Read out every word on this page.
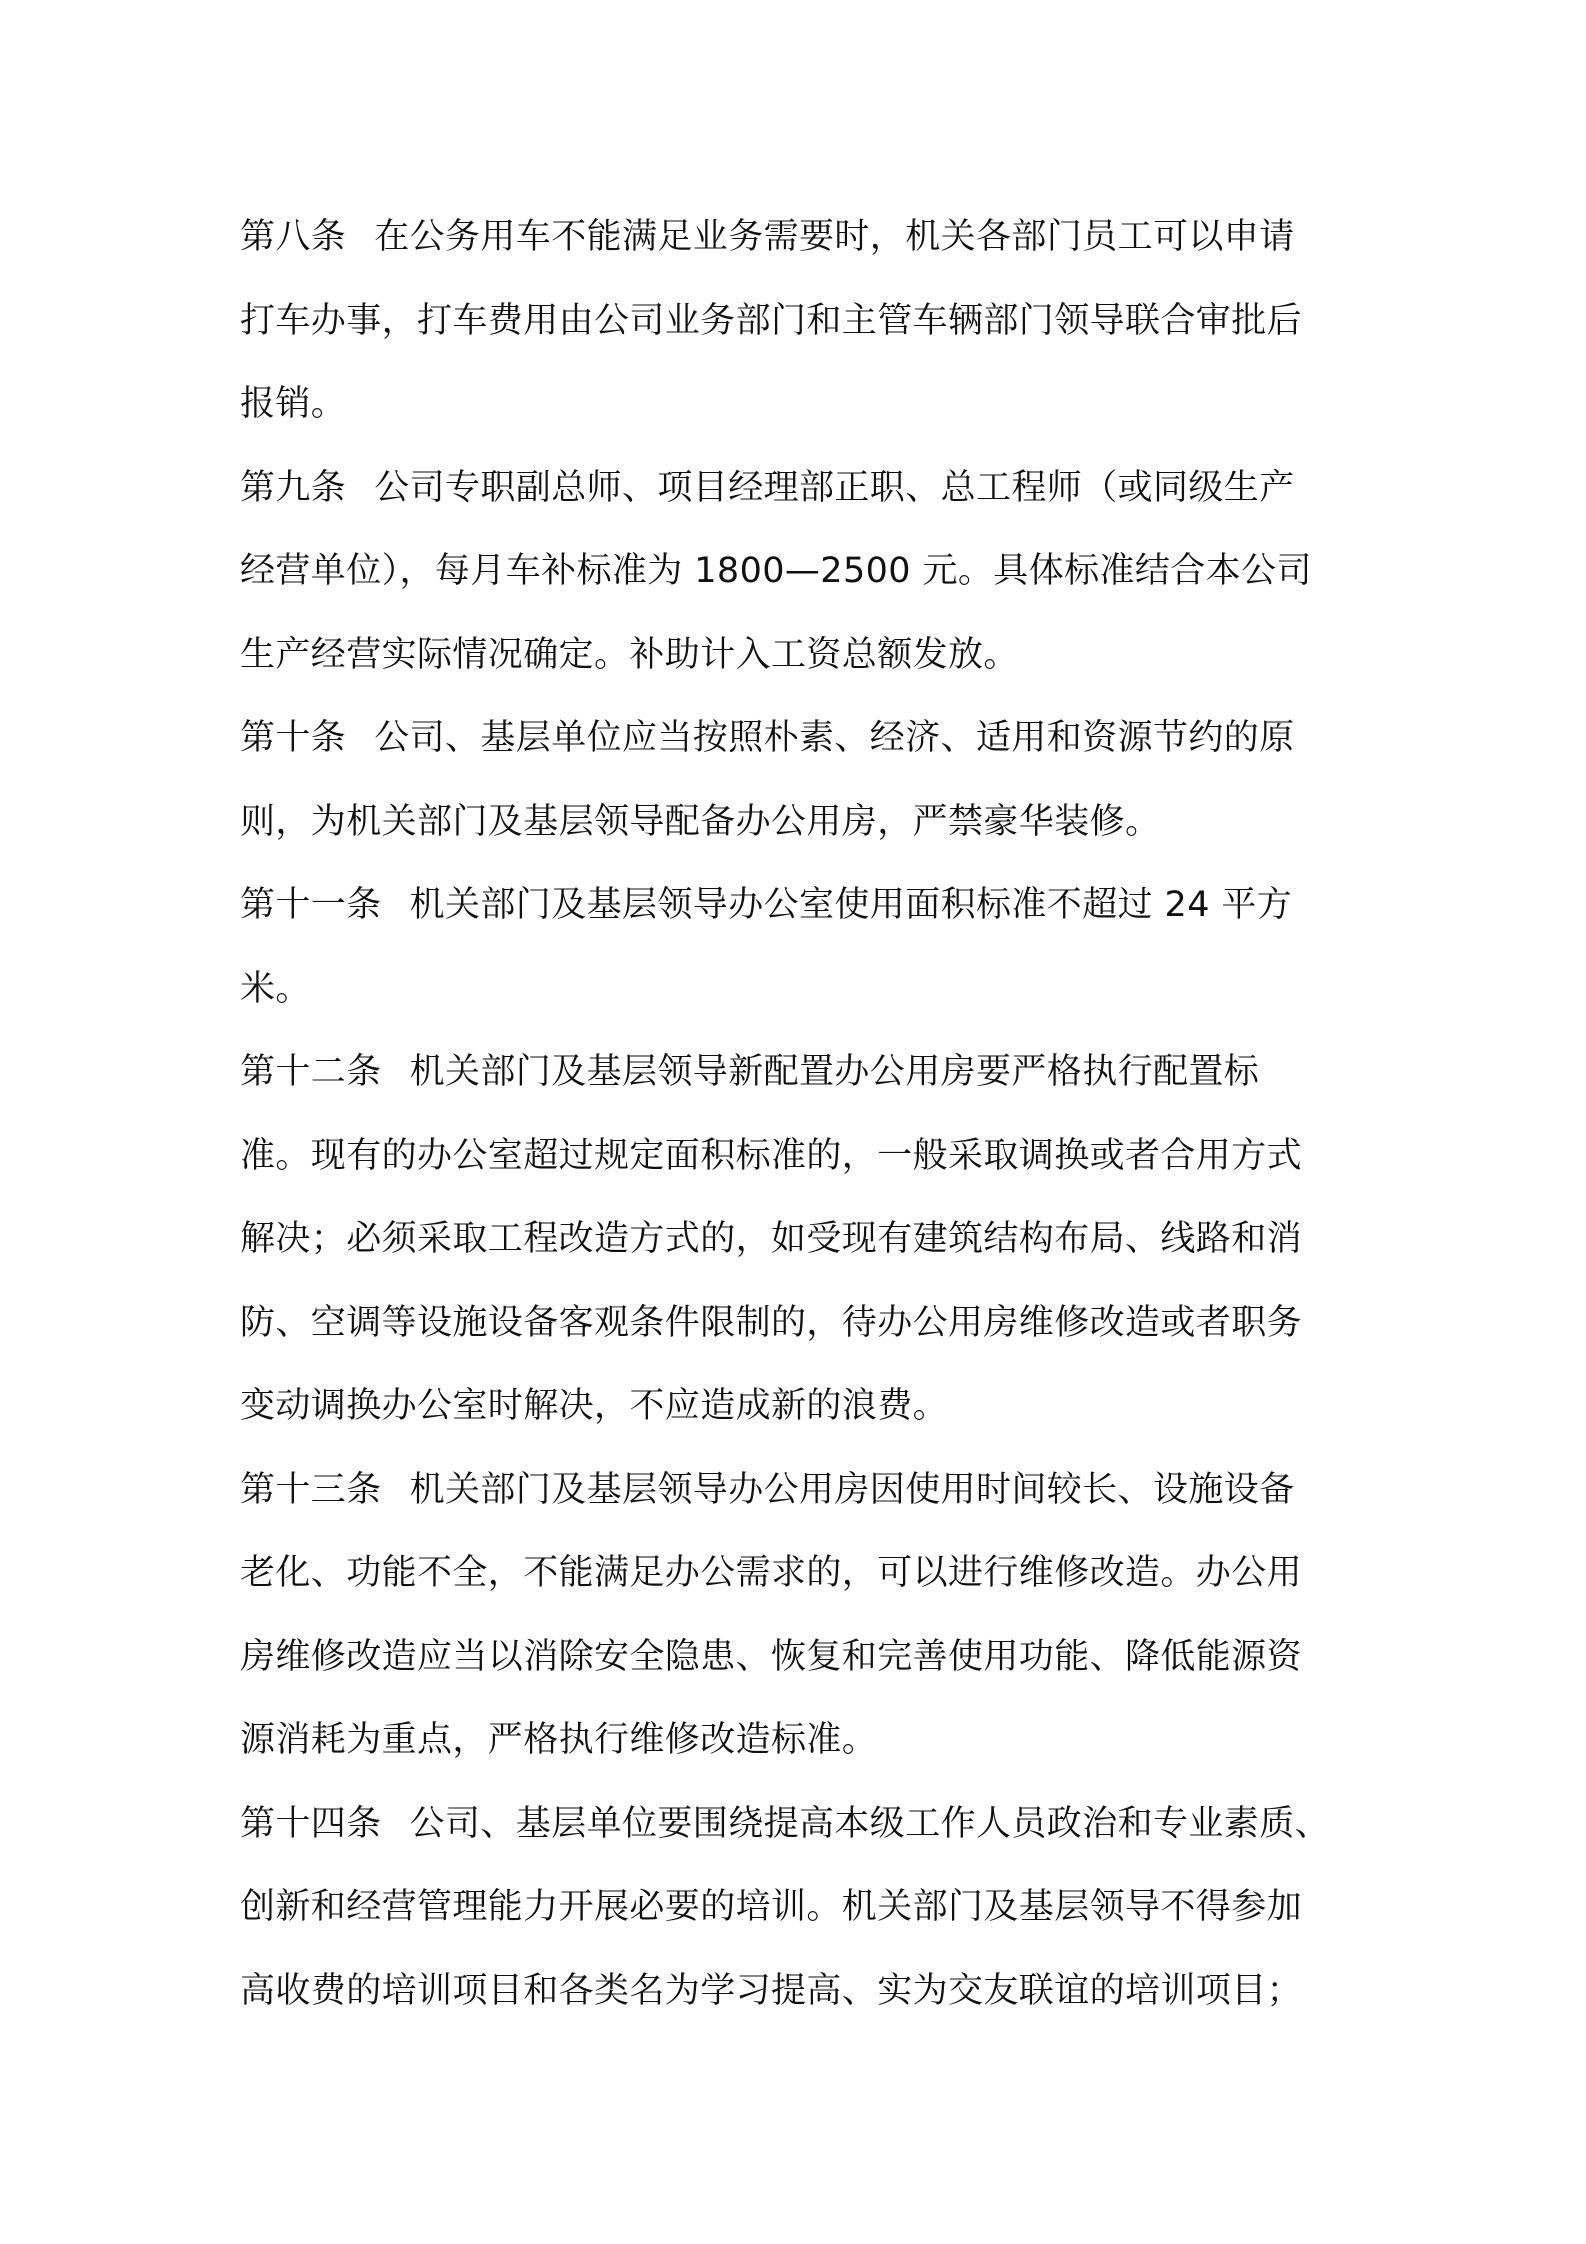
第八条 在公务用车不能满足业务需要时，机关各部门员工可以申请
打车办事，打车费用由公司业务部门和主管车辆部门领导联合审批后
报销。
第九条 公司专职副总师、项目经理部正职、总工程师（或同级生产
经营单位），每月车补标准为 1800—2500 元。具体标准结合本公司
生产经营实际情况确定。补助计入工资总额发放。
第十条 公司、基层单位应当按照朴素、经济、适用和资源节约的原
则，为机关部门及基层领导配备办公用房，严禁豪华装修。
第十一条 机关部门及基层领导办公室使用面积标准不超过 24 平方
米。
第十二条 机关部门及基层领导新配置办公用房要严格执行配置标
准。现有的办公室超过规定面积标准的，一般采取调换或者合用方式
解决；必须采取工程改造方式的，如受现有建筑结构布局、线路和消
防、空调等设施设备客观条件限制的，待办公用房维修改造或者职务
变动调换办公室时解决，不应造成新的浪费。
第十三条 机关部门及基层领导办公用房因使用时间较长、设施设备
老化、功能不全，不能满足办公需求的，可以进行维修改造。办公用
房维修改造应当以消除安全隐患、恢复和完善使用功能、降低能源资
源消耗为重点，严格执行维修改造标准。
第十四条 公司、基层单位要围绕提高本级工作人员政治和专业素质、
创新和经营管理能力开展必要的培训。机关部门及基层领导不得参加
高收费的培训项目和各类名为学习提高、实为交友联谊的培训项目；
